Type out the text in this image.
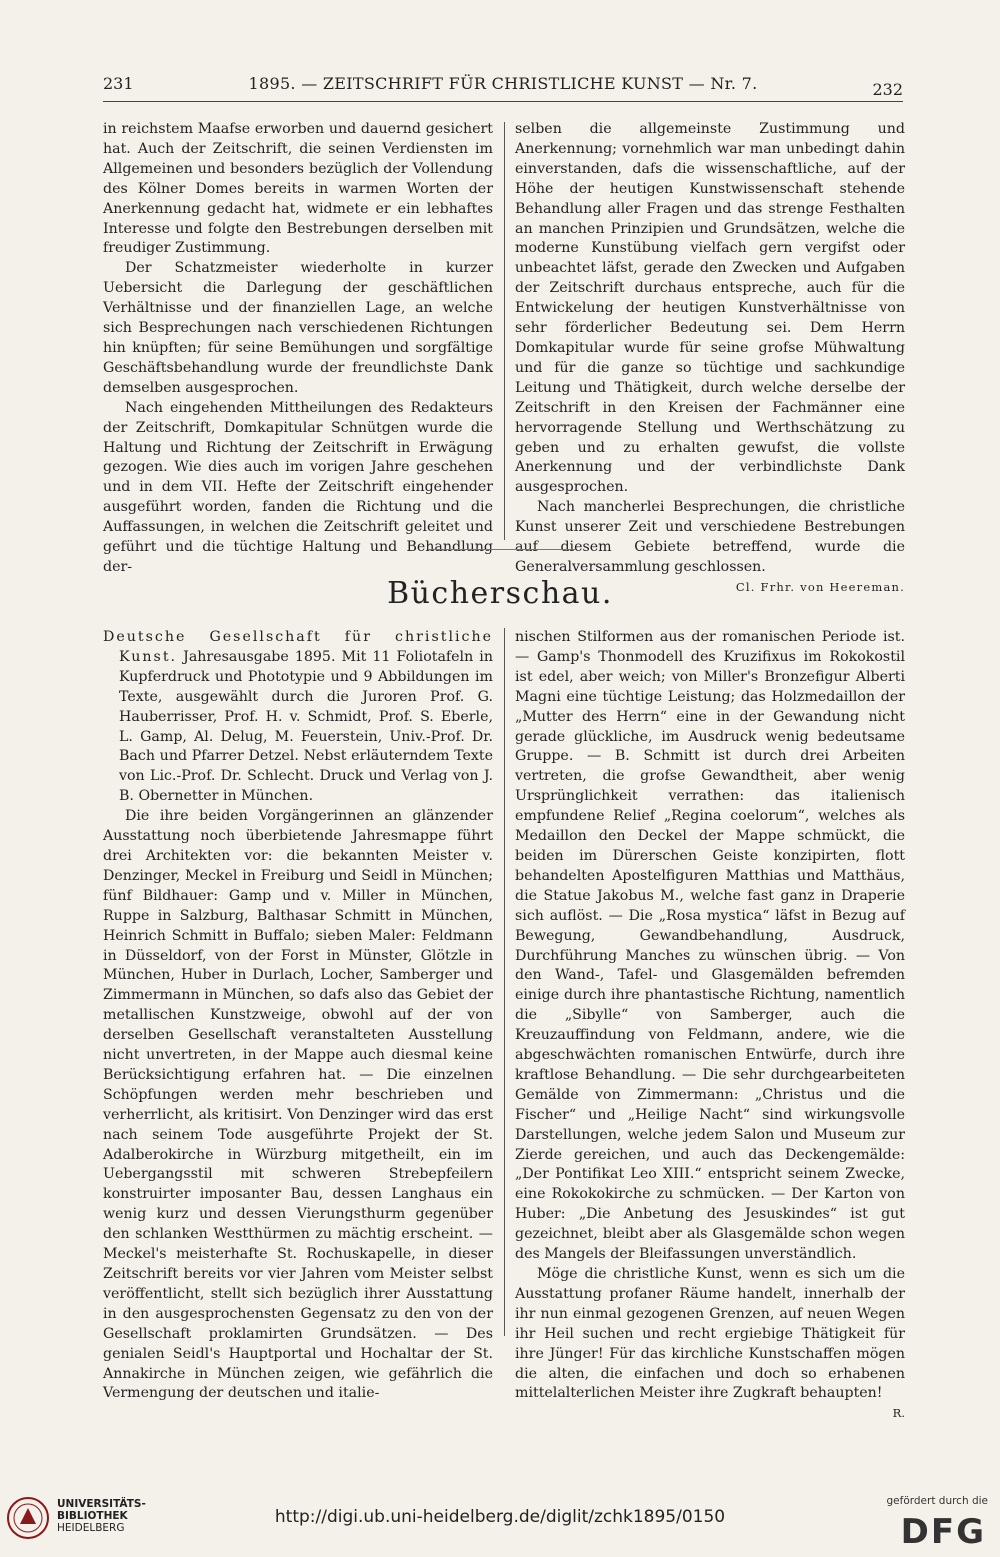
231	1895. — ZEITSCHRIFT FÜR CHRISTLICHE KUNST — Nr. 7.	232

in reichstem Maafse erworben und dauernd gesichert hat. Auch der Zeitschrift, die seinen Verdiensten im Allgemeinen und besonders bezüglich der Vollendung des Kölner Domes bereits in warmen Worten der Anerkennung gedacht hat, widmete er ein lebhaftes Interesse und folgte den Bestrebungen derselben mit freudiger Zustimmung.

Der Schatzmeister wiederholte in kurzer Uebersicht die Darlegung der geschäftlichen Verhältnisse und der finanziellen Lage, an welche sich Besprechungen nach verschiedenen Richtungen hin knüpften; für seine Bemühungen und sorgfältige Geschäftsbehandlung wurde der freundlichste Dank demselben ausgesprochen.

Nach eingehenden Mittheilungen des Redakteurs der Zeitschrift, Domkapitular Schnütgen wurde die Haltung und Richtung der Zeitschrift in Erwägung gezogen. Wie dies auch im vorigen Jahre geschehen und in dem VII. Hefte der Zeitschrift eingehender ausgeführt worden, fanden die Richtung und die Auffassungen, in welchen die Zeitschrift geleitet und geführt und die tüchtige Haltung und Behandlung der-

selben die allgemeinste Zustimmung und Anerkennung; vornehmlich war man unbedingt dahin einverstanden, dafs die wissenschaftliche, auf der Höhe der heutigen Kunstwissenschaft stehende Behandlung aller Fragen und das strenge Festhalten an manchen Prinzipien und Grundsätzen, welche die moderne Kunstübung vielfach gern vergifst oder unbeachtet läfst, gerade den Zwecken und Aufgaben der Zeitschrift durchaus entspreche, auch für die Entwickelung der heutigen Kunstverhältnisse von sehr förderlicher Bedeutung sei. Dem Herrn Domkapitular wurde für seine grofse Mühwaltung und für die ganze so tüchtige und sachkundige Leitung und Thätigkeit, durch welche derselbe der Zeitschrift in den Kreisen der Fachmänner eine hervorragende Stellung und Werthschätzung zu geben und zu erhalten gewufst, die vollste Anerkennung und der verbindlichste Dank ausgesprochen.

Nach mancherlei Besprechungen, die christliche Kunst unserer Zeit und verschiedene Bestrebungen auf diesem Gebiete betreffend, wurde die Generalversammlung geschlossen.
Cl. Frhr. von Heereman.

Bücherschau.

Deutsche Gesellschaft für christliche Kunst. Jahresausgabe 1895. Mit 11 Foliotafeln in Kupferdruck und Phototypie und 9 Abbildungen im Texte, ausgewählt durch die Juroren Prof. G. Hauberrisser, Prof. H. v. Schmidt, Prof. S. Eberle, L. Gamp, Al. Delug, M. Feuerstein, Univ.-Prof. Dr. Bach und Pfarrer Detzel. Nebst erläuterndem Texte von Lic.-Prof. Dr. Schlecht. Druck und Verlag von J. B. Obernetter in München.

Die ihre beiden Vorgängerinnen an glänzender Ausstattung noch überbietende Jahresmappe führt drei Architekten vor: die bekannten Meister v. Denzinger, Meckel in Freiburg und Seidl in München; fünf Bildhauer: Gamp und v. Miller in München, Ruppe in Salzburg, Balthasar Schmitt in München, Heinrich Schmitt in Buffalo; sieben Maler: Feldmann in Düsseldorf, von der Forst in Münster, Glötzle in München, Huber in Durlach, Locher, Samberger und Zimmermann in München, so dafs also das Gebiet der metallischen Kunstzweige, obwohl auf der von derselben Gesellschaft veranstalteten Ausstellung nicht unvertreten, in der Mappe auch diesmal keine Berücksichtigung erfahren hat. — Die einzelnen Schöpfungen werden mehr beschrieben und verherrlicht, als kritisirt. Von Denzinger wird das erst nach seinem Tode ausgeführte Projekt der St. Adalberokirche in Würzburg mitgetheilt, ein im Uebergangsstil mit schweren Strebepfeilern konstruirter imposanter Bau, dessen Langhaus ein wenig kurz und dessen Vierungsthurm gegenüber den schlanken Westthürmen zu mächtig erscheint. — Meckel's meisterhafte St. Rochuskapelle, in dieser Zeitschrift bereits vor vier Jahren vom Meister selbst veröffentlicht, stellt sich bezüglich ihrer Ausstattung in den ausgesprochensten Gegensatz zu den von der Gesellschaft proklamirten Grundsätzen. — Des genialen Seidl's Hauptportal und Hochaltar der St. Annakirche in München zeigen, wie gefährlich die Vermengung der deutschen und italie-

nischen Stilformen aus der romanischen Periode ist. — Gamp's Thonmodell des Kruzifixus im Rokokostil ist edel, aber weich; von Miller's Bronzefigur Alberti Magni eine tüchtige Leistung; das Holzmedaillon der „Mutter des Herrn“ eine in der Gewandung nicht gerade glückliche, im Ausdruck wenig bedeutsame Gruppe. — B. Schmitt ist durch drei Arbeiten vertreten, die grofse Gewandtheit, aber wenig Ursprünglichkeit verrathen: das italienisch empfundene Relief „Regina coelorum“, welches als Medaillon den Deckel der Mappe schmückt, die beiden im Dürerschen Geiste konzipirten, flott behandelten Apostelfiguren Matthias und Matthäus, die Statue Jakobus M., welche fast ganz in Draperie sich auflöst. — Die „Rosa mystica“ läfst in Bezug auf Bewegung, Gewandbehandlung, Ausdruck, Durchführung Manches zu wünschen übrig. — Von den Wand-, Tafel- und Glasgemälden befremden einige durch ihre phantastische Richtung, namentlich die „Sibylle“ von Samberger, auch die Kreuzauffindung von Feldmann, andere, wie die abgeschwächten romanischen Entwürfe, durch ihre kraftlose Behandlung. — Die sehr durchgearbeiteten Gemälde von Zimmermann: „Christus und die Fischer“ und „Heilige Nacht“ sind wirkungsvolle Darstellungen, welche jedem Salon und Museum zur Zierde gereichen, und auch das Deckengemälde: „Der Pontifikat Leo XIII.“ entspricht seinem Zwecke, eine Rokokokirche zu schmücken. — Der Karton von Huber: „Die Anbetung des Jesuskindes“ ist gut gezeichnet, bleibt aber als Glasgemälde schon wegen des Mangels der Bleifassungen unverständlich.

Möge die christliche Kunst, wenn es sich um die Ausstattung profaner Räume handelt, innerhalb der ihr nun einmal gezogenen Grenzen, auf neuen Wegen ihr Heil suchen und recht ergiebige Thätigkeit für ihre Jünger! Für das kirchliche Kunstschaffen mögen die alten, die einfachen und doch so erhabenen mittelalterlichen Meister ihre Zugkraft behaupten!
R.

UNIVERSITÄTS-
BIBLIOTHEK
HEIDELBERG
http://digi.ub.uni-heidelberg.de/diglit/zchk1895/0150
gefördert durch die
DFG
